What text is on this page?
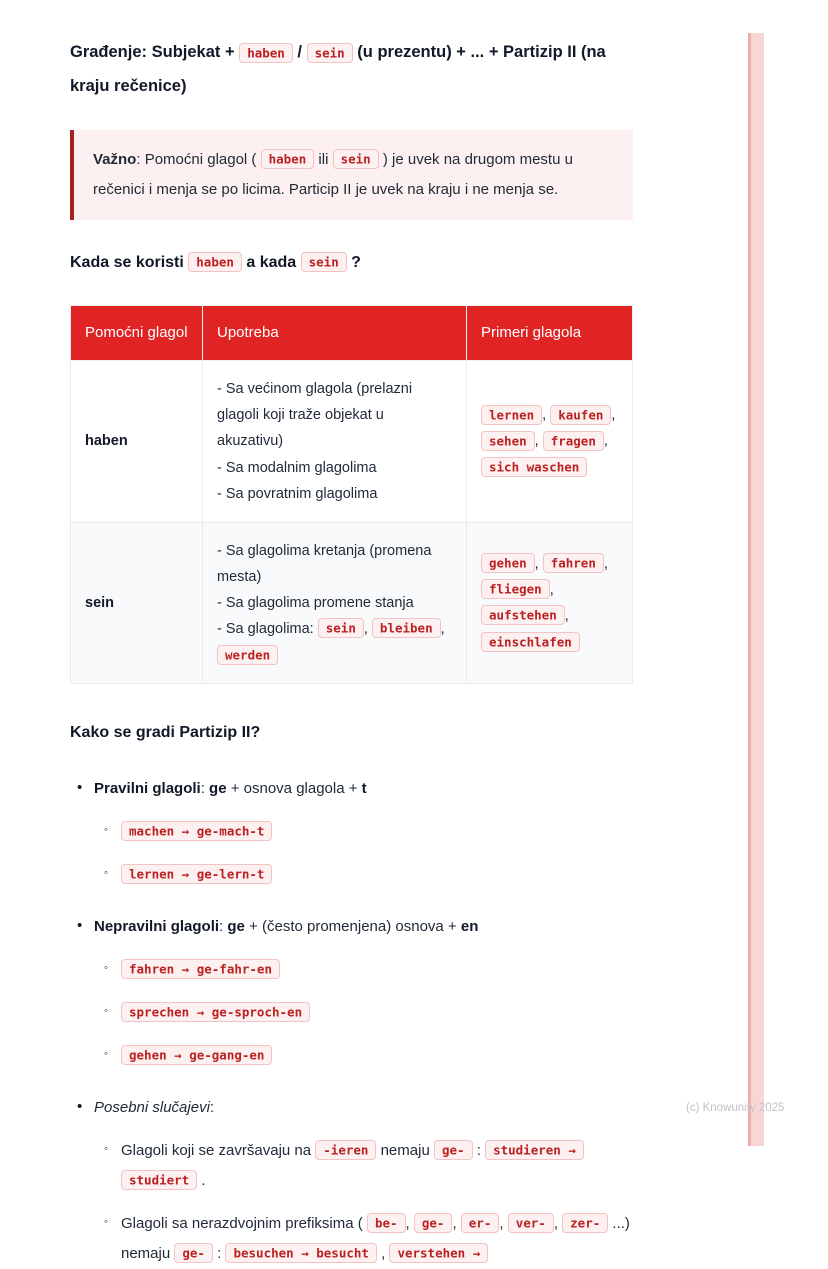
Građenje: Subjekat + haben / sein (u prezentu) + ... + Partizip II (na kraju rečenice)

Važno: Pomoćni glagol ( haben ili sein ) je uvek na drugom mestu u rečenici i menja se po licima. Particip II je uvek na kraju i ne menja se.

Kada se koristi haben a kada sein ?
Pomoćni glagol	Upotreba	Primeri glagola
haben	- Sa većinom glagola (prelazni glagoli koji traže objekat u akuzativu)
- Sa modalnim glagolima
- Sa povratnim glagolima	lernen , kaufen , sehen , fragen , sich waschen
sein	- Sa glagolima kretanja (promena mesta)
- Sa glagolima promene stanja
- Sa glagolima: sein , bleiben , werden	gehen , fahren , fliegen , aufstehen , einschlafen
Kako se gradi Partizip II?
• Pravilni glagoli: ge + osnova glagola + t
◦	machen → ge-mach-t
◦	lernen → ge-lern-t
• Nepravilni glagoli: ge + (često promenjena) osnova + en
◦	fahren → ge-fahr-en
◦	sprechen → ge-sproch-en
◦	gehen → ge-gang-en
• Posebni slučajevi:
◦ Glagoli koji se završavaju na -ieren nemaju ge- : studieren → studiert .
◦ Glagoli sa nerazdvojnim prefiksima ( be- , ge- , er- , ver- , zer- ...) nemaju ge- : besuchen → besucht , verstehen →
(c) Knowunity 2025
